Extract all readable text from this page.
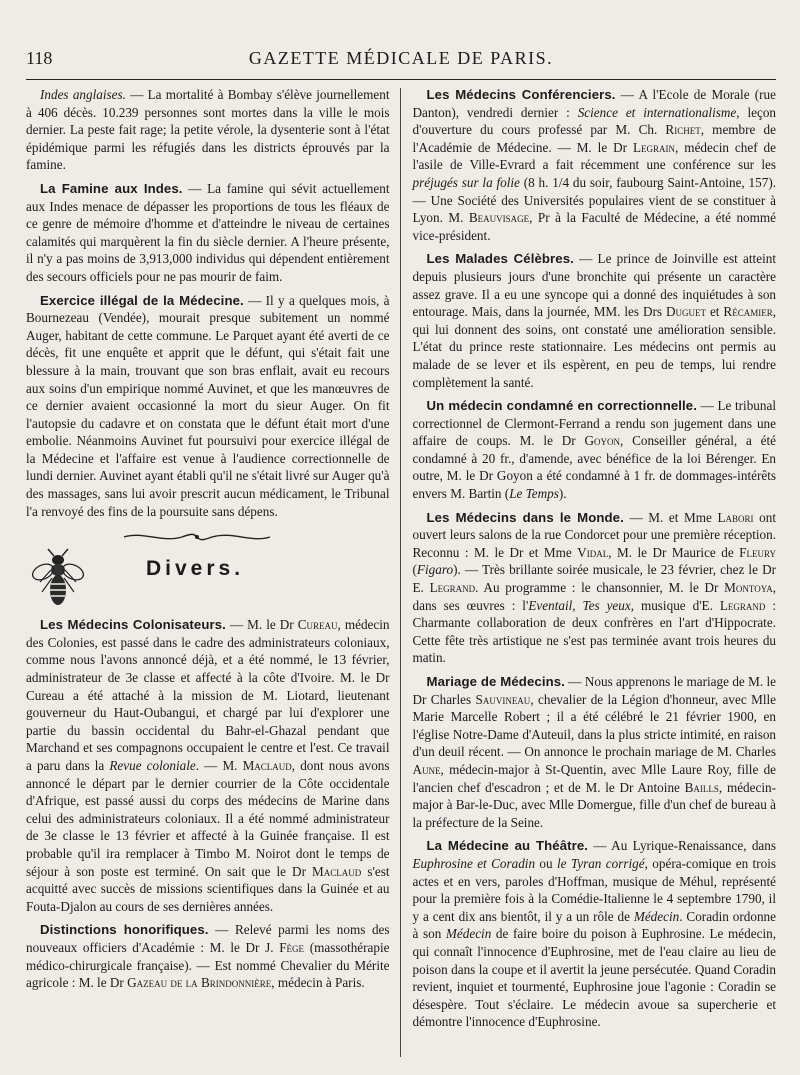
118	GAZETTE MÉDICALE DE PARIS.

Indes anglaises. — La mortalité à Bombay s'élève journellement à 406 décès. 10.239 personnes sont mortes dans la ville le mois dernier. La peste fait rage; la petite vérole, la dysenterie sont à l'état épidémique parmi les réfugiés dans les districts éprouvés par la famine.

La Famine aux Indes. — La famine qui sévit actuellement aux Indes menace de dépasser les proportions de tous les fléaux de ce genre de mémoire d'homme et d'atteindre le niveau de certaines calamités qui marquèrent la fin du siècle dernier. A l'heure présente, il n'y a pas moins de 3,913,000 individus qui dépendent entièrement des secours officiels pour ne pas mourir de faim.

Exercice illégal de la Médecine. — Il y a quelques mois, à Bournezeau (Vendée), mourait presque subitement un nommé Auger, habitant de cette commune. Le Parquet ayant été averti de ce décès, fit une enquête et apprit que le défunt, qui s'était fait une blessure à la main, trouvant que son bras enflait, avait eu recours aux soins d'un empirique nommé Auvinet, et que les manœuvres de ce dernier avaient occasionné la mort du sieur Auger. On fit l'autopsie du cadavre et on constata que le défunt était mort d'une embolie. Néanmoins Auvinet fut poursuivi pour exercice illégal de la Médecine et l'affaire est venue à l'audience correctionnelle de lundi dernier. Auvinet ayant établi qu'il ne s'était livré sur Auger qu'à des massages, sans lui avoir prescrit aucun médicament, le Tribunal l'a renvoyé des fins de la poursuite sans dépens.

Divers.

Les Médecins Colonisateurs. — M. le Dr Cureau, médecin des Colonies, est passé dans le cadre des administrateurs coloniaux, comme nous l'avons annoncé déjà, et a été nommé, le 13 février, administrateur de 3e classe et affecté à la côte d'Ivoire. M. le Dr Cureau a été attaché à la mission de M. Liotard, lieutenant gouverneur du Haut-Oubangui, et chargé par lui d'explorer une partie du bassin occidental du Bahr-el-Ghazal pendant que Marchand et ses compagnons occupaient le centre et l'est. Ce travail a paru dans la Revue coloniale. — M. Maclaud, dont nous avons annoncé le départ par le dernier courrier de la Côte occidentale d'Afrique, est passé aussi du corps des médecins de Marine dans celui des administrateurs coloniaux. Il a été nommé administrateur de 3e classe le 13 février et affecté à la Guinée française. Il est probable qu'il ira remplacer à Timbo M. Noirot dont le temps de séjour à son poste est terminé. On sait que le Dr Maclaud s'est acquitté avec succès de missions scientifiques dans la Guinée et au Fouta-Djalon au cours de ses dernières années.

Distinctions honorifiques. — Relevé parmi les noms des nouveaux officiers d'Académie : M. le Dr J. Fège (massothérapie médico-chirurgicale française). — Est nommé Chevalier du Mérite agricole : M. le Dr Gazeau de la Brindonnière, médecin à Paris.

Les Médecins Conférenciers. — A l'Ecole de Morale (rue Danton), vendredi dernier : Science et internationalisme, leçon d'ouverture du cours professé par M. Ch. Richet, membre de l'Académie de Médecine. — M. le Dr Legrain, médecin chef de l'asile de Ville-Evrard a fait récemment une conférence sur les préjugés sur la folie (8 h. 1/4 du soir, faubourg Saint-Antoine, 157). — Une Société des Universités populaires vient de se constituer à Lyon. M. Beauvisage, Pr à la Faculté de Médecine, a été nommé vice-président.

Les Malades Célèbres. — Le prince de Joinville est atteint depuis plusieurs jours d'une bronchite qui présente un caractère assez grave. Il a eu une syncope qui a donné des inquiétudes à son entourage. Mais, dans la journée, MM. les Drs Duguet et Récamier, qui lui donnent des soins, ont constaté une amélioration sensible. L'état du prince reste stationnaire. Les médecins ont permis au malade de se lever et ils espèrent, en peu de temps, lui rendre complètement la santé.

Un médecin condamné en correctionnelle. — Le tribunal correctionnel de Clermont-Ferrand a rendu son jugement dans une affaire de coups. M. le Dr Goyon, Conseiller général, a été condamné à 20 fr., d'amende, avec bénéfice de la loi Bérenger. En outre, M. le Dr Goyon a été condamné à 1 fr. de dommages-intérêts envers M. Bartin (Le Temps).

Les Médecins dans le Monde. — M. et Mme Labori ont ouvert leurs salons de la rue Condorcet pour une première réception. Reconnu : M. le Dr et Mme Vidal, M. le Dr Maurice de Fleury (Figaro). — Très brillante soirée musicale, le 23 février, chez le Dr E. Legrand. Au programme : le chansonnier, M. le Dr Montoya, dans ses œuvres : l'Eventail, Tes yeux, musique d'E. Legrand : Charmante collaboration de deux confrères en l'art d'Hippocrate. Cette fête très artistique ne s'est pas terminée avant trois heures du matin.

Mariage de Médecins. — Nous apprenons le mariage de M. le Dr Charles Sauvineau, chevalier de la Légion d'honneur, avec Mlle Marie Marcelle Robert ; il a été célébré le 21 février 1900, en l'église Notre-Dame d'Auteuil, dans la plus stricte intimité, en raison d'un deuil récent. — On annonce le prochain mariage de M. Charles Aune, médecin-major à St-Quentin, avec Mlle Laure Roy, fille de l'ancien chef d'escadron ; et de M. le Dr Antoine Baills, médecin-major à Bar-le-Duc, avec Mlle Domergue, fille d'un chef de bureau à la préfecture de la Seine.

La Médecine au Théâtre. — Au Lyrique-Renaissance, dans Euphrosine et Coradin ou le Tyran corrigé, opéra-comique en trois actes et en vers, paroles d'Hoffman, musique de Méhul, représenté pour la première fois à la Comédie-Italienne le 4 septembre 1790, il y a cent dix ans bientôt, il y a un rôle de Médecin. Coradin ordonne à son Médecin de faire boire du poison à Euphrosine. Le médecin, qui connaît l'innocence d'Euphrosine, met de l'eau claire au lieu de poison dans la coupe et il avertit la jeune persécutée. Quand Coradin revient, inquiet et tourmenté, Euphrosine joue l'agonie : Coradin se désespère. Tout s'éclaire. Le médecin avoue sa supercherie et démontre l'innocence d'Euphrosine.
